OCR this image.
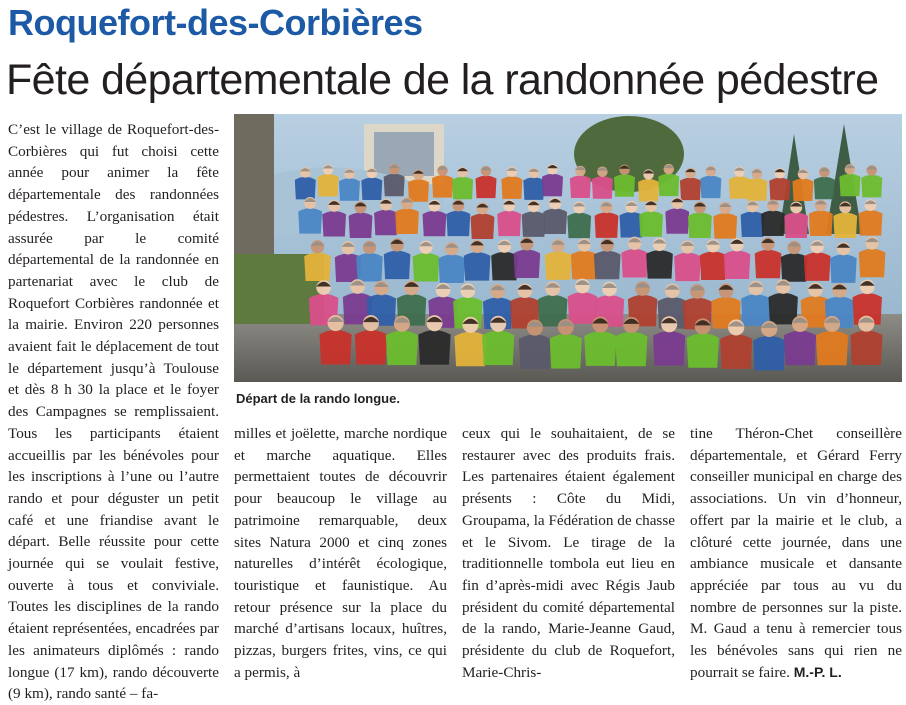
Roquefort-des-Corbières
Fête départementale de la randonnée pédestre
C’est le village de Roquefort-des-Corbières qui fut choisi cette année pour animer la fête départementale des randonnées pédestres. L’organisation était assurée par le comité départemental de la randonnée en partenariat avec le club de Roquefort Corbières randonnée et la mairie. Environ 220 personnes avaient fait le déplacement de tout le département jusqu’à Toulouse et dès 8 h 30 la place et le foyer des Campagnes se remplissaient. Tous les participants étaient accueillis par les bénévoles pour les inscriptions à l’une ou l’autre rando et pour déguster un petit café et une friandise avant le départ. Belle réussite pour cette journée qui se voulait festive, ouverte à tous et conviviale. Toutes les disciplines de la rando étaient représentées, encadrées par les animateurs diplômés : rando longue (17 km), rando découverte (9 km), rando santé – fa-
Départ de la rando longue.
milles et joëlette, marche nordique et marche aquatique. Elles permettaient toutes de découvrir pour beaucoup le village au patrimoine remarquable, deux sites Natura 2000 et cinq zones naturelles d’intérêt écologique, touristique et faunistique. Au retour présence sur la place du marché d’artisans locaux, huîtres, pizzas, burgers frites, vins, ce qui a permis, à
ceux qui le souhaitaient, de se restaurer avec des produits frais. Les partenaires étaient également présents : Côte du Midi, Groupama, la Fédération de chasse et le Sivom. Le tirage de la traditionnelle tombola eut lieu en fin d’après-midi avec Régis Jaub président du comité départemental de la rando, Marie-Jeanne Gaud, présidente du club de Roquefort, Marie-Chris-
tine Théron-Chet conseillère départementale, et Gérard Ferry conseiller municipal en charge des associations. Un vin d’honneur, offert par la mairie et le club, a clôturé cette journée, dans une ambiance musicale et dansante appréciée par tous au vu du nombre de personnes sur la piste. M. Gaud a tenu à remercier tous les bénévoles sans qui rien ne pourrait se faire. M.-P. L.
